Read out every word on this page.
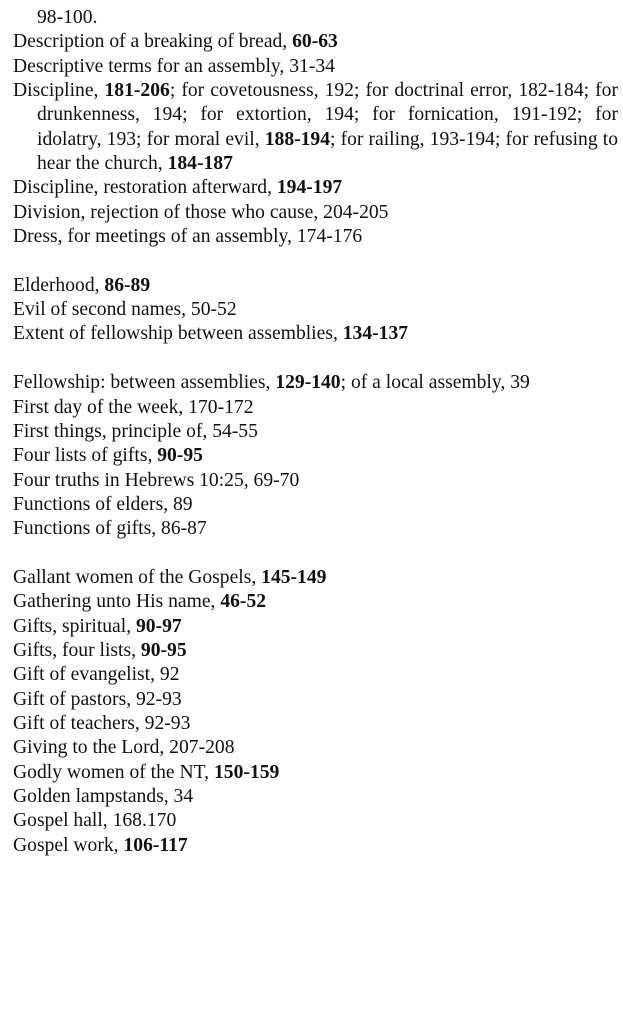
98-100.

Description of a breaking of bread, 60-63

Descriptive terms for an assembly, 31-34

Discipline, 181-206; for covetousness, 192; for doctrinal error, 182-184; for drunkenness, 194; for extortion, 194; for fornication, 191-192; for idolatry, 193; for moral evil, 188-194; for railing, 193-194; for refusing to hear the church, 184-187

Discipline, restoration afterward, 194-197

Division, rejection of those who cause, 204-205

Dress, for meetings of an assembly, 174-176

Elderhood, 86-89

Evil of second names, 50-52

Extent of fellowship between assemblies, 134-137

Fellowship: between assemblies, 129-140; of a local assembly, 39

First day of the week, 170-172

First things, principle of, 54-55

Four lists of gifts, 90-95

Four truths in Hebrews 10:25, 69-70

Functions of elders, 89

Functions of gifts, 86-87

Gallant women of the Gospels, 145-149

Gathering unto His name, 46-52

Gifts, spiritual, 90-97

Gifts, four lists, 90-95

Gift of evangelist, 92

Gift of pastors, 92-93

Gift of teachers, 92-93

Giving to the Lord, 207-208

Godly women of the NT, 150-159

Golden lampstands, 34

Gospel hall, 168.170

Gospel work, 106-117
